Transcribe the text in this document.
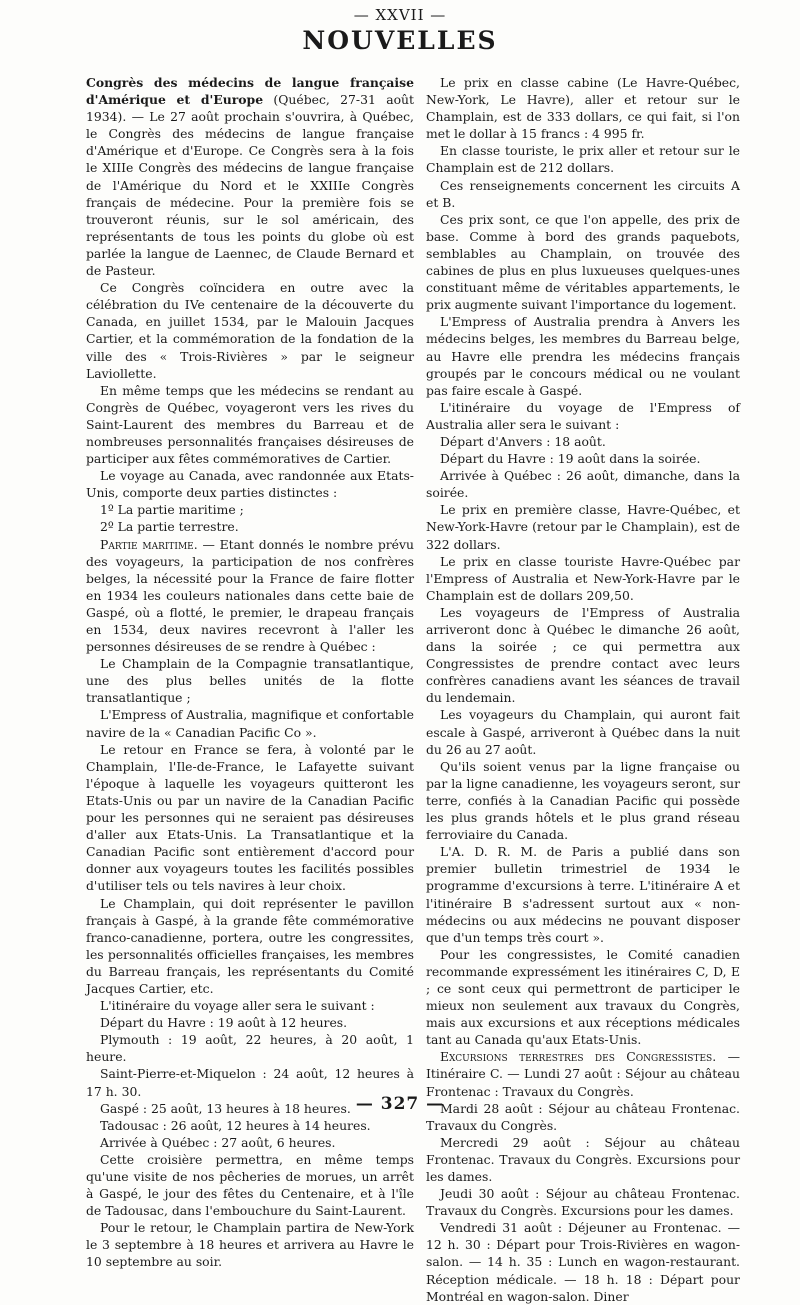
— XXVII —
NOUVELLES

Congrès des médecins de langue française d'Amérique et d'Europe (Québec, 27-31 août 1934). — Le 27 août prochain s'ouvrira, à Québec, le Congrès des médecins de langue française d'Amérique et d'Europe. Ce Congrès sera à la fois le XIIIe Congrès des médecins de langue française de l'Amérique du Nord et le XXIIIe Congrès français de médecine. Pour la première fois se trouveront réunis, sur le sol américain, des représentants de tous les points du globe où est parlée la langue de Laennec, de Claude Bernard et de Pasteur.

Ce Congrès coïncidera en outre avec la célébration du IVe centenaire de la découverte du Canada, en juillet 1534, par le Malouin Jacques Cartier, et la commémoration de la fondation de la ville des « Trois-Rivières » par le seigneur Laviollette.

En même temps que les médecins se rendant au Congrès de Québec, voyageront vers les rives du Saint-Laurent des membres du Barreau et de nombreuses personnalités françaises désireuses de participer aux fêtes commémoratives de Cartier.

Le voyage au Canada, avec randonnée aux Etats-Unis, comporte deux parties distinctes :

1º La partie maritime ;

2º La partie terrestre.

Partie maritime. — Etant donnés le nombre prévu des voyageurs, la participation de nos confrères belges, la nécessité pour la France de faire flotter en 1934 les couleurs nationales dans cette baie de Gaspé, où a flotté, le premier, le drapeau français en 1534, deux navires recevront à l'aller les personnes désireuses de se rendre à Québec :

Le Champlain de la Compagnie transatlantique, une des plus belles unités de la flotte transatlantique ;

L'Empress of Australia, magnifique et confortable navire de la « Canadian Pacific Co ».

Le retour en France se fera, à volonté par le Champlain, l'Ile-de-France, le Lafayette suivant l'époque à laquelle les voyageurs quitteront les Etats-Unis ou par un navire de la Canadian Pacific pour les personnes qui ne seraient pas désireuses d'aller aux Etats-Unis. La Transatlantique et la Canadian Pacific sont entièrement d'accord pour donner aux voyageurs toutes les facilités possibles d'utiliser tels ou tels navires à leur choix.

Le Champlain, qui doit représenter le pavillon français à Gaspé, à la grande fête commémorative franco-canadienne, portera, outre les congressites, les personnalités officielles françaises, les membres du Barreau français, les représentants du Comité Jacques Cartier, etc.

L'itinéraire du voyage aller sera le suivant :

Départ du Havre : 19 août à 12 heures.

Plymouth : 19 août, 22 heures, à 20 août, 1 heure.

Saint-Pierre-et-Miquelon : 24 août, 12 heures à 17 h. 30.

Gaspé : 25 août, 13 heures à 18 heures.

Tadousac : 26 août, 12 heures à 14 heures.

Arrivée à Québec : 27 août, 6 heures.

Cette croisière permettra, en même temps qu'une visite de nos pêcheries de morues, un arrêt à Gaspé, le jour des fêtes du Centenaire, et à l'île de Tadousac, dans l'embouchure du Saint-Laurent.

Pour le retour, le Champlain partira de New-York le 3 septembre à 18 heures et arrivera au Havre le 10 septembre au soir.

Le prix en classe cabine (Le Havre-Québec, New-York, Le Havre), aller et retour sur le Champlain, est de 333 dollars, ce qui fait, si l'on met le dollar à 15 francs : 4 995 fr.

En classe touriste, le prix aller et retour sur le Champlain est de 212 dollars.

Ces renseignements concernent les circuits A et B.

Ces prix sont, ce que l'on appelle, des prix de base. Comme à bord des grands paquebots, semblables au Champlain, on trouvée des cabines de plus en plus luxueuses quelques-unes constituant même de véritables appartements, le prix augmente suivant l'importance du logement.

L'Empress of Australia prendra à Anvers les médecins belges, les membres du Barreau belge, au Havre elle prendra les médecins français groupés par le concours médical ou ne voulant pas faire escale à Gaspé.

L'itinéraire du voyage de l'Empress of Australia aller sera le suivant :

Départ d'Anvers : 18 août.

Départ du Havre : 19 août dans la soirée.

Arrivée à Québec : 26 août, dimanche, dans la soirée.

Le prix en première classe, Havre-Québec, et New-York-Havre (retour par le Champlain), est de 322 dollars.

Le prix en classe touriste Havre-Québec par l'Empress of Australia et New-York-Havre par le Champlain est de dollars 209,50.

Les voyageurs de l'Empress of Australia arriveront donc à Québec le dimanche 26 août, dans la soirée ; ce qui permettra aux Congressistes de prendre contact avec leurs confrères canadiens avant les séances de travail du lendemain.

Les voyageurs du Champlain, qui auront fait escale à Gaspé, arriveront à Québec dans la nuit du 26 au 27 août.

Qu'ils soient venus par la ligne française ou par la ligne canadienne, les voyageurs seront, sur terre, confiés à la Canadian Pacific qui possède les plus grands hôtels et le plus grand réseau ferroviaire du Canada.

L'A. D. R. M. de Paris a publié dans son premier bulletin trimestriel de 1934 le programme d'excursions à terre. L'itinéraire A et l'itinéraire B s'adressent surtout aux « non-médecins ou aux médecins ne pouvant disposer que d'un temps très court ».

Pour les congressistes, le Comité canadien recommande expressément les itinéraires C, D, E ; ce sont ceux qui permettront de participer le mieux non seulement aux travaux du Congrès, mais aux excursions et aux réceptions médicales tant au Canada qu'aux Etats-Unis.

Excursions terrestres des Congressistes. — Itinéraire C. — Lundi 27 août : Séjour au château Frontenac : Travaux du Congrès.

Mardi 28 août : Séjour au château Frontenac. Travaux du Congrès.

Mercredi 29 août : Séjour au château Frontenac. Travaux du Congrès. Excursions pour les dames.

Jeudi 30 août : Séjour au château Frontenac. Travaux du Congrès. Excursions pour les dames.

Vendredi 31 août : Déjeuner au Frontenac. — 12 h. 30 : Départ pour Trois-Rivières en wagon-salon. — 14 h. 35 : Lunch en wagon-restaurant. Réception médicale. — 18 h. 18 : Départ pour Montréal en wagon-salon. Diner

— 327 —
